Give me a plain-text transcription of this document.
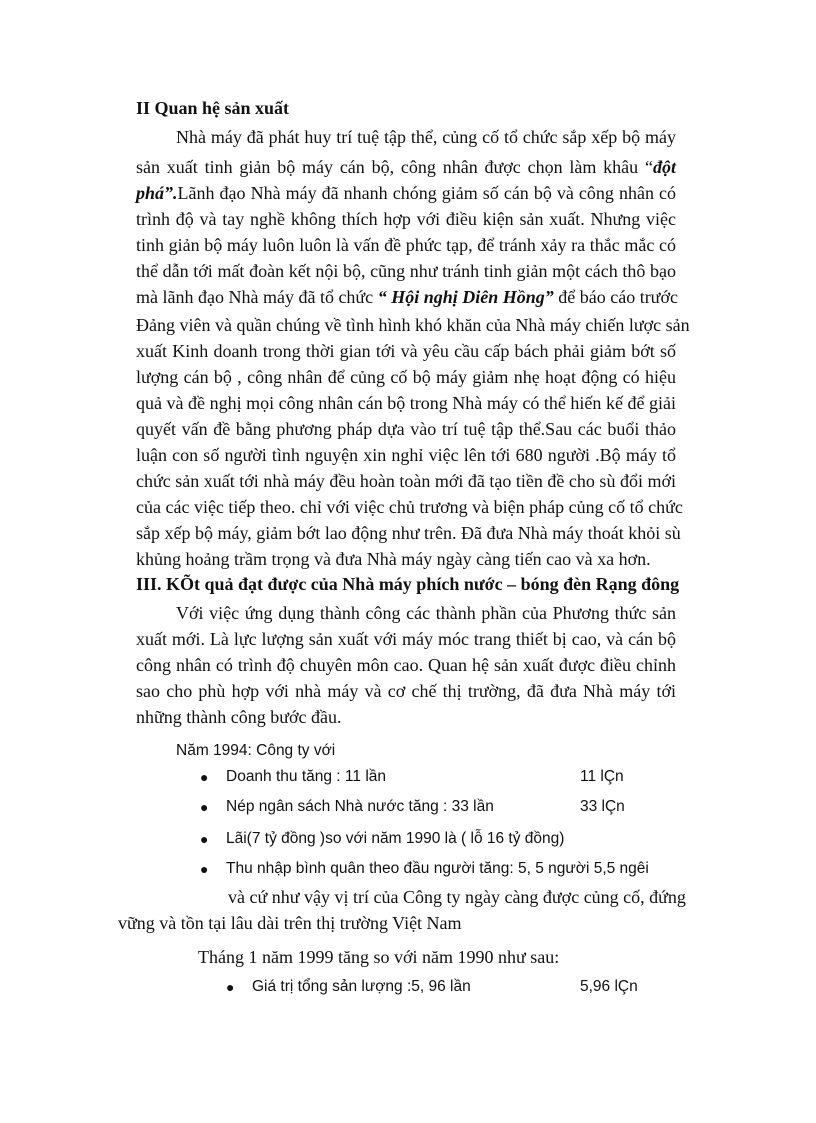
II Quan hệ sản xuất
Nhà máy đã phát huy trí tuệ tập thể, củng cố tổ chức sắp xếp bộ máy
sản xuất tinh giản bộ máy cán bộ, công nhân được chọn làm khâu “đột
phá”.Lãnh đạo Nhà máy đã nhanh chóng giảm số cán bộ và công nhân có
trình độ và tay nghề không thích hợp với điều kiện sản xuất. Nhưng việc
tinh giản bộ máy luôn luôn là vấn đề phức tạp, để tránh xảy ra thắc mắc có
thể dẫn tới mất đoàn kết nội bộ, cũng như tránh tinh giản một cách thô bạo
mà lãnh đạo Nhà máy đã tổ chức “ Hội nghị Diên Hồng” để báo cáo trước
Đảng viên và quần chúng về tình hình khó khăn của Nhà máy chiến lược sản
xuất Kinh doanh trong thời gian tới và yêu cầu cấp bách phải giảm bớt số
lượng cán bộ , công nhân để củng cố bộ máy giảm nhẹ hoạt động có hiệu
quả và đề nghị mọi công nhân cán bộ trong Nhà máy có thể hiến kế để giải
quyết vấn đề bằng phương pháp dựa vào trí tuệ tập thể.Sau các buổi thảo
luận con số người tình nguyện xin nghỉ việc lên tới 680 người .Bộ máy tổ
chức sản xuất tới nhà máy đều hoàn toàn mới đã tạo tiền đề cho sù đổi mới
của các việc tiếp theo. chỉ với việc chủ trương và biện pháp củng cố tổ chức
sắp xếp bộ máy, giảm bớt lao động như trên. Đã đưa Nhà máy thoát khỏi sù
khủng hoảng trầm trọng và đưa Nhà máy ngày càng tiến cao và xa hơn.
III. KÕt quả đạt được của Nhà máy phích nước – bóng đèn Rạng đông
Với việc ứng dụng thành công các thành phần của Phương thức sản
xuất mới. Là lực lượng sản xuất với máy móc trang thiết bị cao, và cán bộ
công nhân có trình độ chuyên môn cao. Quan hệ sản xuất được điều chỉnh
sao cho phù hợp với nhà máy và cơ chế thị trường, đã đưa Nhà máy tới
những thành công bước đầu.
Năm 1994: Công ty với
● Doanh thu tăng : 11 lần	11 lÇn
● Nép ngân sách Nhà nước tăng : 33 lần	33 lÇn
● Lãi(7 tỷ đồng )so với năm 1990 là ( lỗ 16 tỷ đồng)
● Thu nhập bình quân theo đầu người tăng: 5, 5 người 5,5 ngêi
và cứ như vậy vị trí của Công ty ngày càng được củng cố, đứng
vững và tồn tại lâu dài trên thị trường Việt Nam
Tháng 1 năm 1999 tăng so với năm 1990 như sau:
● Giá trị tổng sản lượng :5, 96 lần	5,96 lÇn
